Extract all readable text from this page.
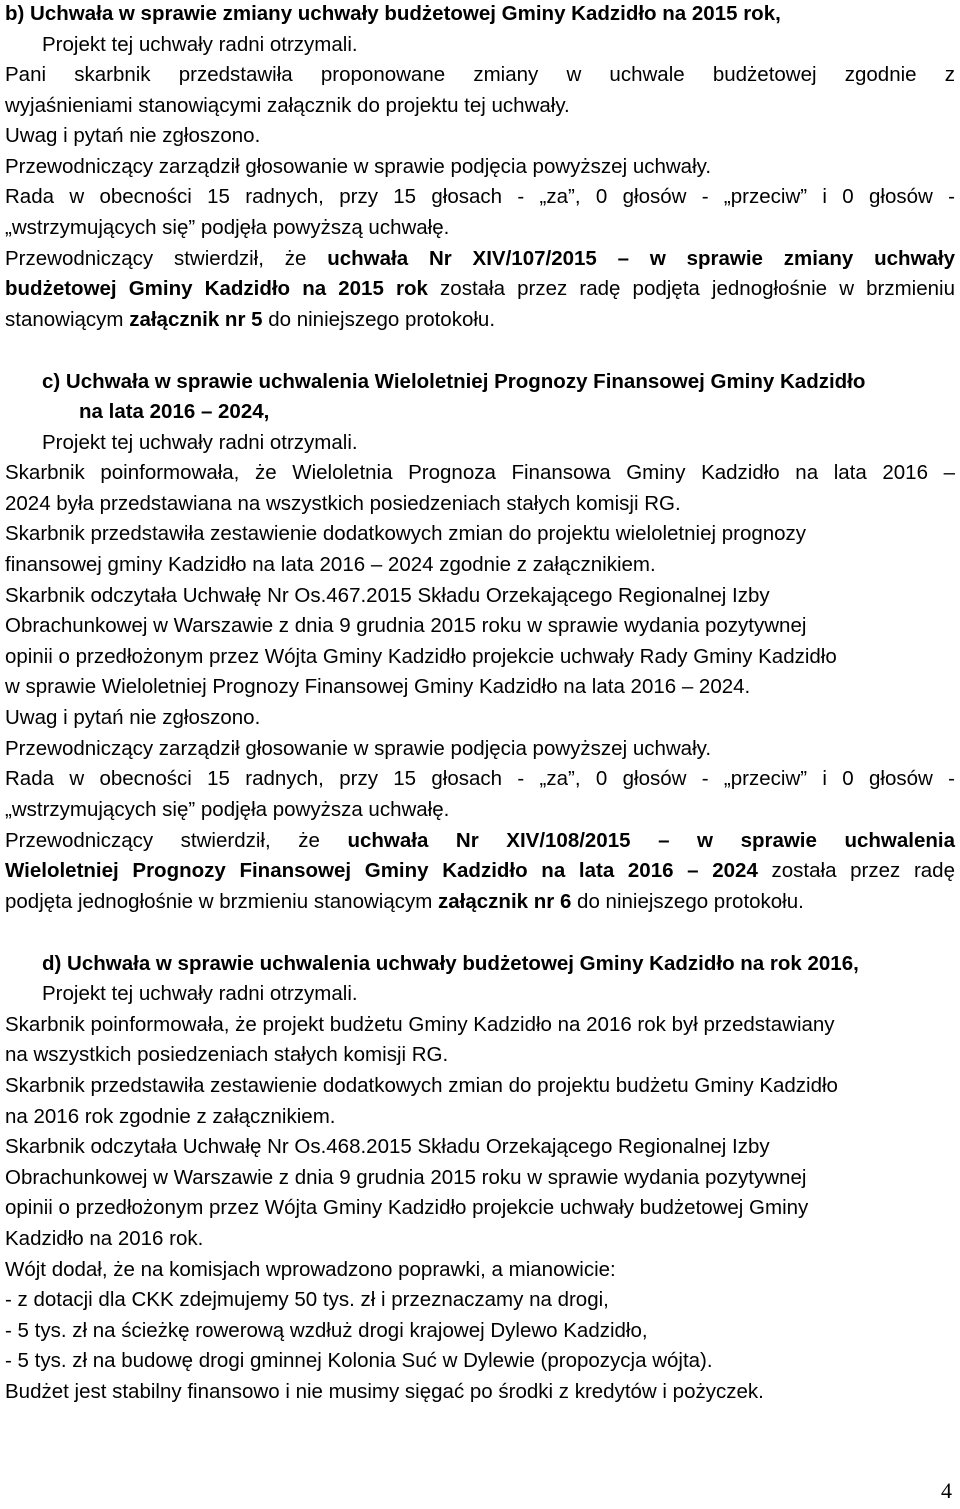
b) Uchwała w sprawie zmiany uchwały budżetowej Gminy Kadzidło na 2015 rok,
Projekt tej uchwały radni otrzymali.
Pani skarbnik przedstawiła proponowane zmiany w uchwale budżetowej zgodnie z
wyjaśnieniami stanowiącymi załącznik do projektu tej uchwały.
Uwag i pytań nie zgłoszono.
Przewodniczący zarządził głosowanie w sprawie podjęcia powyższej uchwały.
Rada w obecności 15 radnych, przy 15 głosach - „za”, 0 głosów - „przeciw” i 0 głosów -
„wstrzymujących się” podjęła powyższą uchwałę.
Przewodniczący stwierdził, że uchwała Nr XIV/107/2015 – w sprawie zmiany uchwały
budżetowej Gminy Kadzidło na 2015 rok została przez radę podjęta jednogłośnie w brzmieniu
stanowiącym załącznik nr 5 do niniejszego protokołu.
c) Uchwała w sprawie uchwalenia Wieloletniej Prognozy Finansowej Gminy Kadzidło
na lata 2016 – 2024,
Projekt tej uchwały radni otrzymali.
Skarbnik poinformowała, że Wieloletnia Prognoza Finansowa Gminy Kadzidło na lata 2016 –
2024 była przedstawiana na wszystkich posiedzeniach stałych komisji RG.
Skarbnik przedstawiła zestawienie dodatkowych zmian do projektu wieloletniej prognozy
finansowej gminy Kadzidło na lata 2016 – 2024 zgodnie z załącznikiem.
Skarbnik odczytała Uchwałę Nr Os.467.2015 Składu Orzekającego Regionalnej Izby
Obrachunkowej w Warszawie z dnia 9 grudnia 2015 roku w sprawie wydania pozytywnej
opinii o przedłożonym przez Wójta Gminy Kadzidło projekcie uchwały Rady Gminy Kadzidło
w sprawie Wieloletniej Prognozy Finansowej Gminy Kadzidło na lata 2016 – 2024.
Uwag i pytań nie zgłoszono.
Przewodniczący zarządził głosowanie w sprawie podjęcia powyższej uchwały.
Rada w obecności 15 radnych, przy 15 głosach - „za”, 0 głosów - „przeciw” i 0 głosów -
„wstrzymujących się” podjęła powyższa uchwałę.
Przewodniczący stwierdził, że uchwała Nr XIV/108/2015 – w sprawie uchwalenia
Wieloletniej Prognozy Finansowej Gminy Kadzidło na lata 2016 – 2024 została przez radę
podjęta jednogłośnie w brzmieniu stanowiącym załącznik nr 6 do niniejszego protokołu.
d) Uchwała w sprawie uchwalenia uchwały budżetowej Gminy Kadzidło na rok 2016,
Projekt tej uchwały radni otrzymali.
Skarbnik poinformowała, że projekt budżetu Gminy Kadzidło na 2016 rok był przedstawiany
na wszystkich posiedzeniach stałych komisji RG.
Skarbnik przedstawiła zestawienie dodatkowych zmian do projektu budżetu Gminy Kadzidło
na 2016 rok zgodnie z załącznikiem.
Skarbnik odczytała Uchwałę Nr Os.468.2015 Składu Orzekającego Regionalnej Izby
Obrachunkowej w Warszawie z dnia 9 grudnia 2015 roku w sprawie wydania pozytywnej
opinii o przedłożonym przez Wójta Gminy Kadzidło projekcie uchwały budżetowej Gminy
Kadzidło na 2016 rok.
Wójt dodał, że na komisjach wprowadzono poprawki, a mianowicie:
- z dotacji dla CKK zdejmujemy 50 tys. zł i przeznaczamy na drogi,
- 5 tys. zł na ścieżkę rowerową wzdłuż drogi krajowej Dylewo Kadzidło,
- 5 tys. zł na budowę drogi gminnej Kolonia Suć w Dylewie (propozycja wójta).
Budżet jest stabilny finansowo i nie musimy sięgać po środki z kredytów i pożyczek.
4
